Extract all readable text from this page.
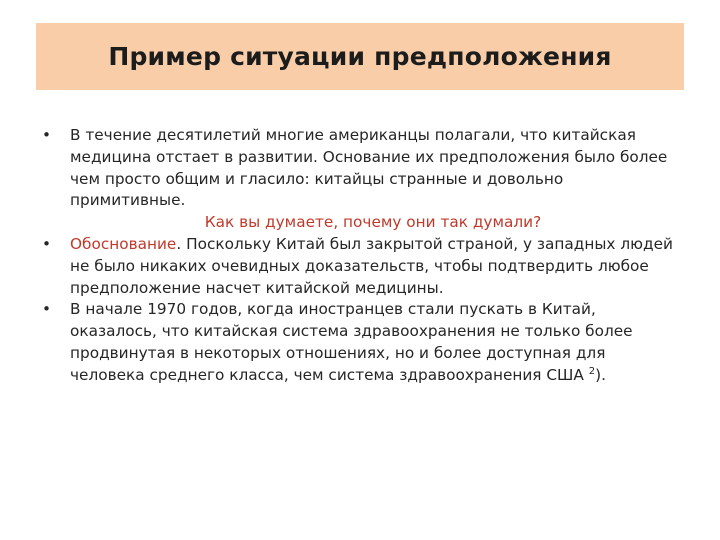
Пример ситуации предположения

• В течение десятилетий многие американцы полагали, что китайская медицина отстает в развитии. Основание их предположения было более чем просто общим и гласило: китайцы странные и довольно примитивные.

Как вы думаете, почему они так думали?

• Обоснование. Поскольку Китай был закрытой страной, у западных людей не было никаких очевидных доказательств, чтобы подтвердить любое предположение насчет китайской медицины.

• В начале 1970 годов, когда иностранцев стали пускать в Китай, оказалось, что китайская система здравоохранения не только более продвинутая в некоторых отношениях, но и более доступная для человека среднего класса, чем система здравоохранения США $^2$).
